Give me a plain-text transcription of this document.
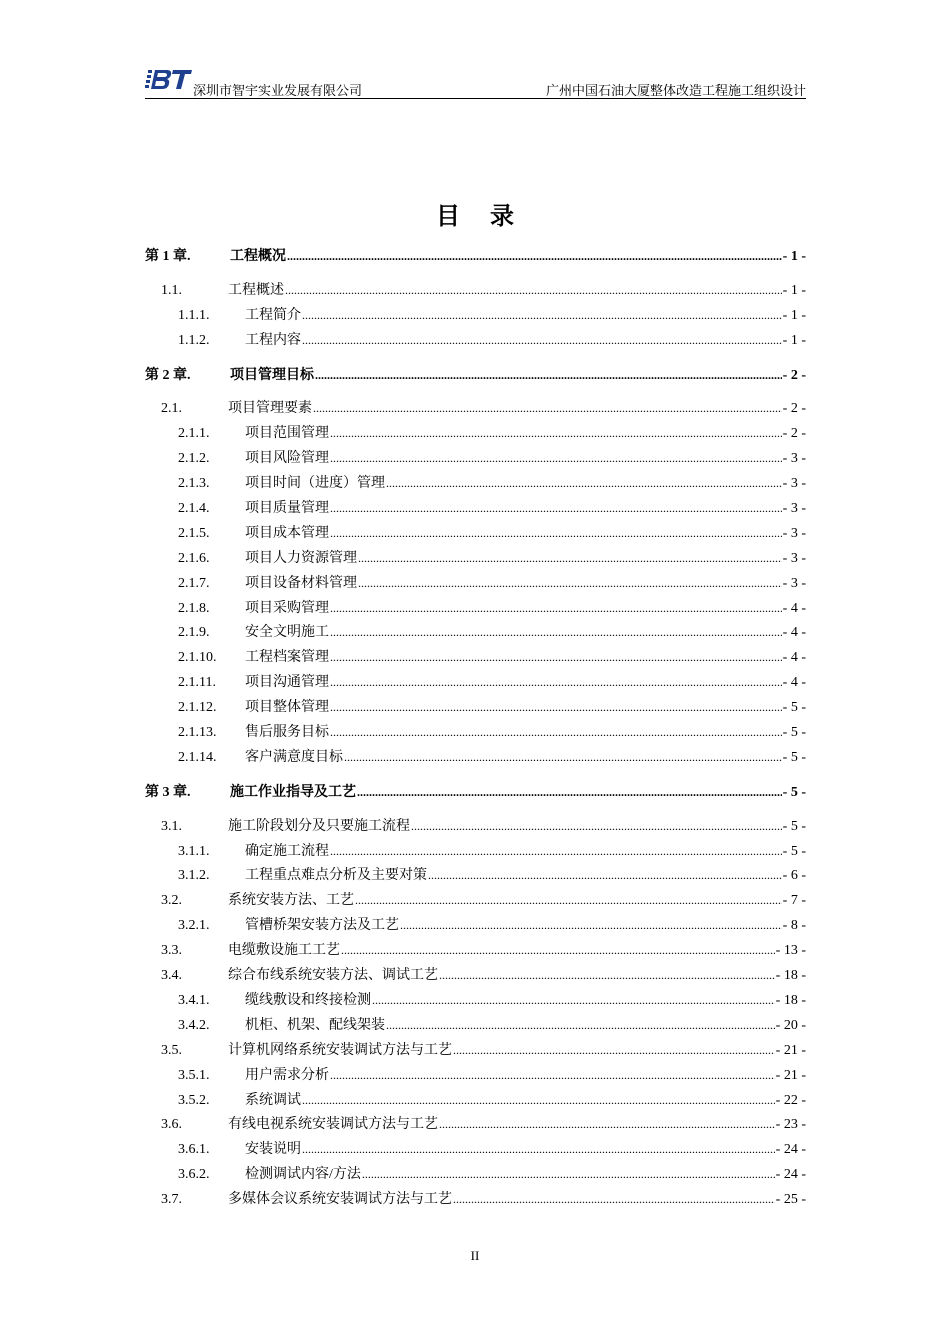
深圳市智宇实业发展有限公司	广州中国石油大厦整体改造工程施工组织设计
目录
第 1 章.	工程概况 .....	- 1 -
1.1.	工程概述 .....	- 1 -
1.1.1.	工程简介 .....	- 1 -
1.1.2.	工程内容 .....	- 1 -
第 2 章.	项目管理目标 .....	- 2 -
2.1.	项目管理要素 .....	- 2 -
2.1.1.	项目范围管理 .....	- 2 -
2.1.2.	项目风险管理 .....	- 3 -
2.1.3.	项目时间（进度）管理 .....	- 3 -
2.1.4.	项目质量管理 .....	- 3 -
2.1.5.	项目成本管理 .....	- 3 -
2.1.6.	项目人力资源管理 .....	- 3 -
2.1.7.	项目设备材料管理 .....	- 3 -
2.1.8.	项目采购管理 .....	- 4 -
2.1.9.	安全文明施工 .....	- 4 -
2.1.10.	工程档案管理 .....	- 4 -
2.1.11.	项目沟通管理 .....	- 4 -
2.1.12.	项目整体管理 .....	- 5 -
2.1.13.	售后服务目标 .....	- 5 -
2.1.14.	客户满意度目标 .....	- 5 -
第 3 章.	施工作业指导及工艺 .....	- 5 -
3.1.	施工阶段划分及只要施工流程 .....	- 5 -
3.1.1.	确定施工流程 .....	- 5 -
3.1.2.	工程重点难点分析及主要对策 .....	- 6 -
3.2.	系统安装方法、工艺 .....	- 7 -
3.2.1.	管槽桥架安装方法及工艺 .....	- 8 -
3.3.	电缆敷设施工工艺 .....	- 13 -
3.4.	综合布线系统安装方法、调试工艺 .....	- 18 -
3.4.1.	缆线敷设和终接检测 .....	- 18 -
3.4.2.	机柜、机架、配线架装 .....	- 20 -
3.5.	计算机网络系统安装调试方法与工艺 .....	- 21 -
3.5.1.	用户需求分析 .....	- 21 -
3.5.2.	系统调试 .....	- 22 -
3.6.	有线电视系统安装调试方法与工艺 .....	- 23 -
3.6.1.	安装说明 .....	- 24 -
3.6.2.	检测调试内容/方法 .....	- 24 -
3.7.	多媒体会议系统安装调试方法与工艺 .....	- 25 -
II
